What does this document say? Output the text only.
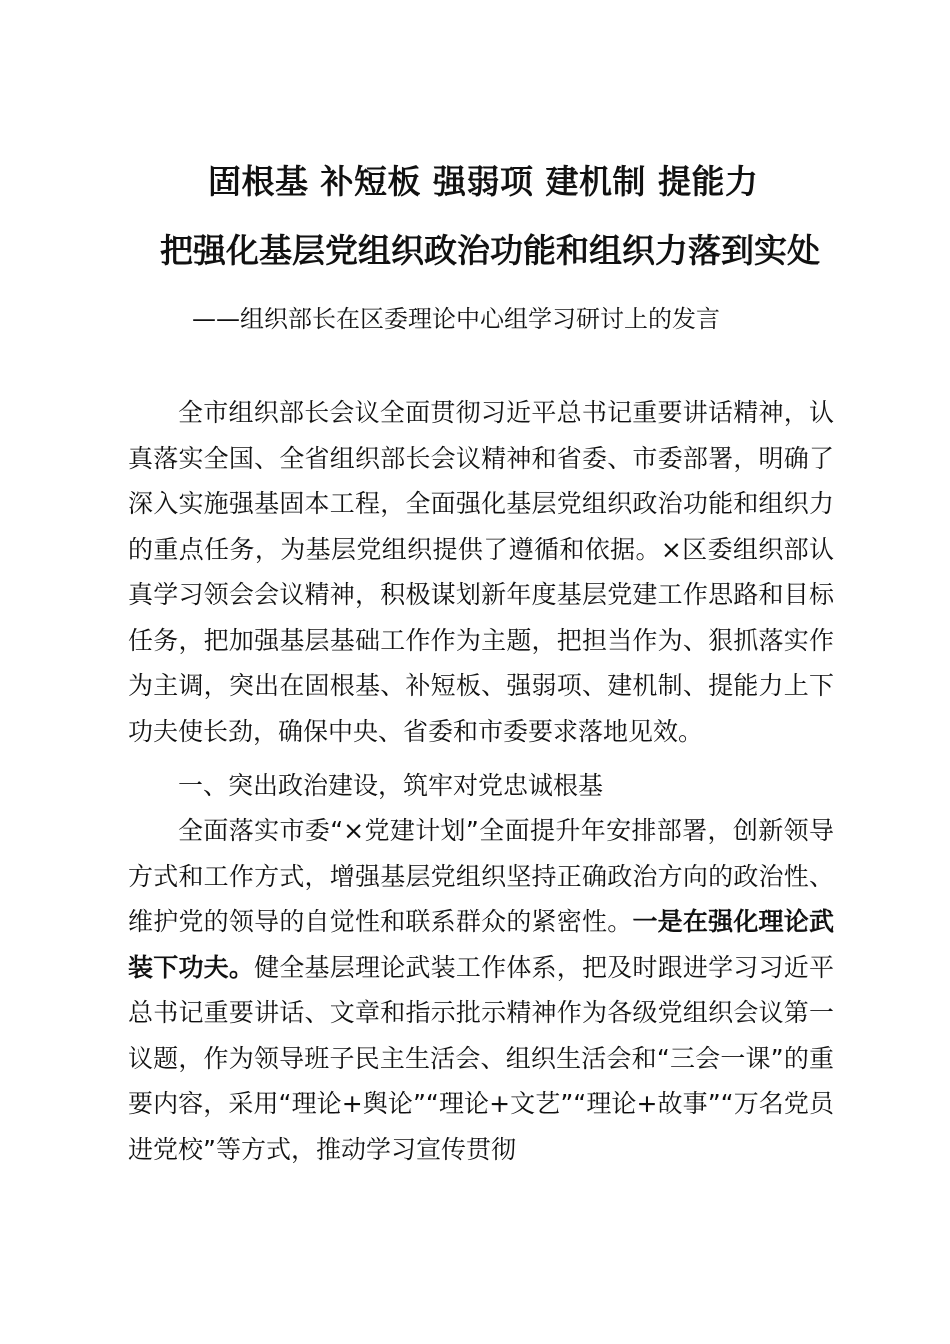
固根基 补短板 强弱项 建机制 提能力
把强化基层党组织政治功能和组织力落到实处
——组织部长在区委理论中心组学习研讨上的发言

全市组织部长会议全面贯彻习近平总书记重要讲话精神，认真落实全国、全省组织部长会议精神和省委、市委部署，明确了深入实施强基固本工程，全面强化基层党组织政治功能和组织力的重点任务，为基层党组织提供了遵循和依据。×区委组织部认真学习领会会议精神，积极谋划新年度基层党建工作思路和目标任务，把加强基层基础工作作为主题，把担当作为、狠抓落实作为主调，突出在固根基、补短板、强弱项、建机制、提能力上下功夫使长劲，确保中央、省委和市委要求落地见效。

一、突出政治建设，筑牢对党忠诚根基

全面落实市委“×党建计划”全面提升年安排部署，创新领导方式和工作方式，增强基层党组织坚持正确政治方向的政治性、维护党的领导的自觉性和联系群众的紧密性。一是在强化理论武装下功夫。健全基层理论武装工作体系，把及时跟进学习习近平总书记重要讲话、文章和指示批示精神作为各级党组织会议第一议题，作为领导班子民主生活会、组织生活会和“三会一课”的重要内容，采用“理论+舆论”“理论+文艺”“理论+故事”“万名党员进党校”等方式，推动学习宣传贯彻
